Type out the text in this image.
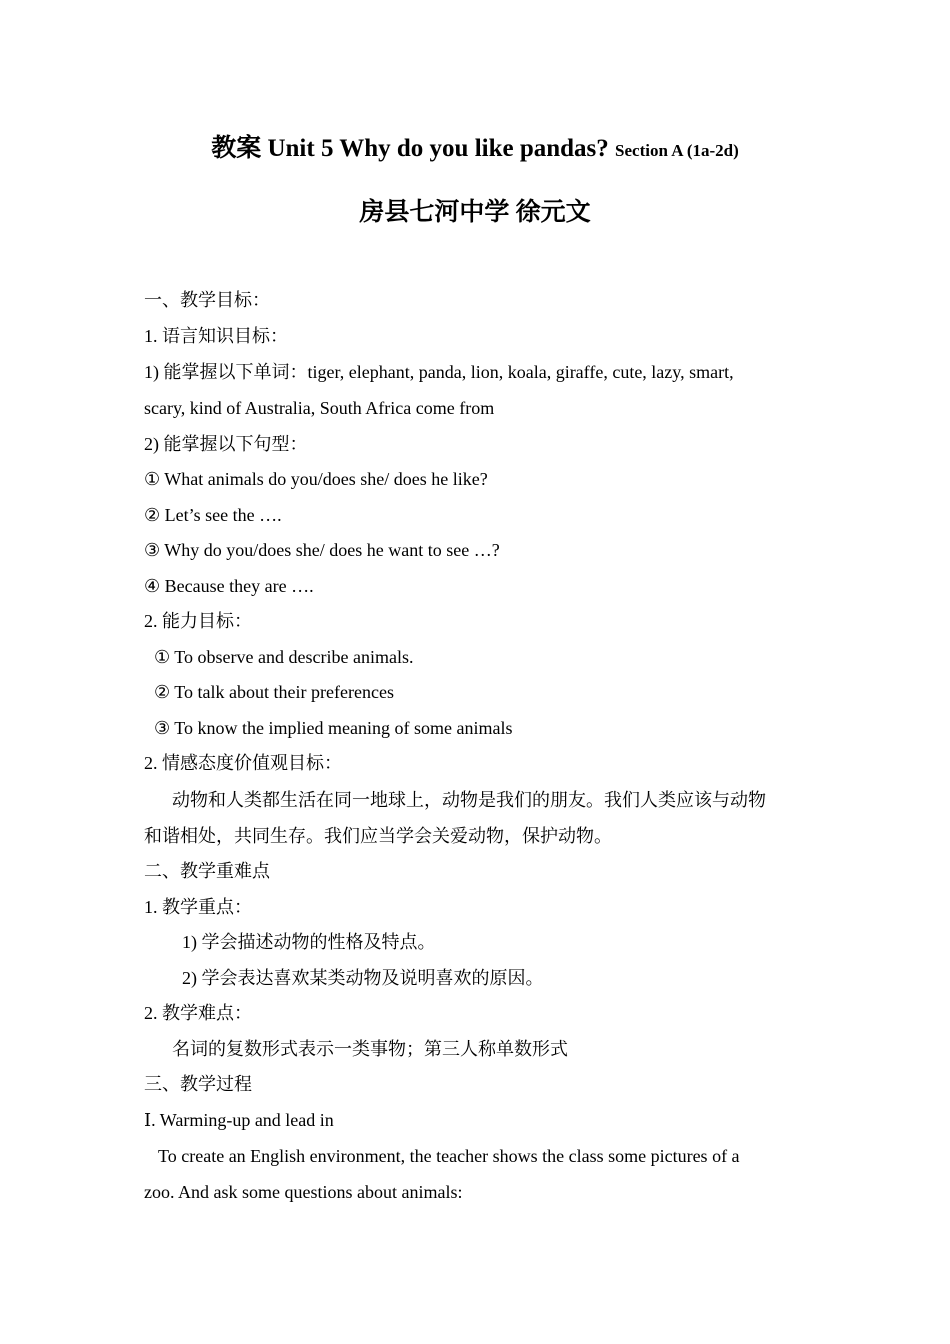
教案 Unit 5 Why do you like pandas? Section A (1a-2d)
房县七河中学 徐元文
一、教学目标：
1. 语言知识目标：
1) 能掌握以下单词：tiger, elephant, panda, lion, koala, giraffe, cute, lazy, smart,
scary, kind of Australia, South Africa come from
2) 能掌握以下句型：
① What animals do you/does she/ does he like?
② Let’s see the ….
③ Why do you/does she/ does he want to see …?
④ Because they are ….
2. 能力目标：
① To observe and describe animals.
② To talk about their preferences
③ To know the implied meaning of some animals
2. 情感态度价值观目标：
动物和人类都生活在同一地球上，动物是我们的朋友。我们人类应该与动物
和谐相处，共同生存。我们应当学会关爱动物，保护动物。
二、教学重难点
1. 教学重点：
1) 学会描述动物的性格及特点。
2) 学会表达喜欢某类动物及说明喜欢的原因。
2. 教学难点：
名词的复数形式表示一类事物；第三人称单数形式
三、教学过程
Ⅰ. Warming-up and lead in
To create an English environment, the teacher shows the class some pictures of a
zoo. And ask some questions about animals:
